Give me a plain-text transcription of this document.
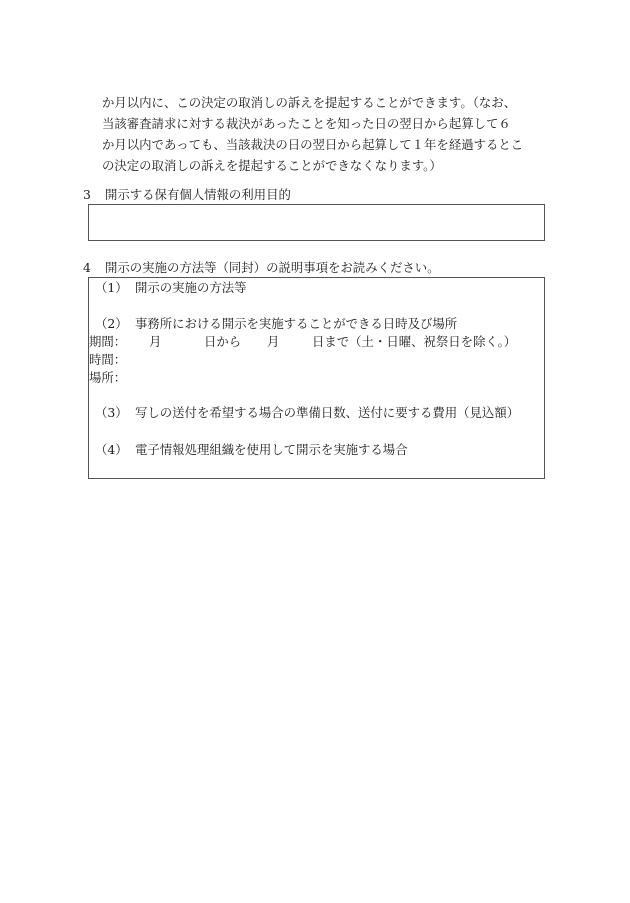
か月以内に、この決定の取消しの訴えを提起することができます。（なお、
当該審査請求に対する裁決があったことを知った日の翌日から起算して６
か月以内であっても、当該裁決の日の翌日から起算して１年を経過するとこ
の決定の取消しの訴えを提起することができなくなります。）
3 開示する保有個人情報の利用目的
4 開示の実施の方法等（同封）の説明事項をお読みください。
（1） 開示の実施の方法等
（2） 事務所における開示を実施することができる日時及び場所
期間： 月	日から 月	日まで（土・日曜、祝祭日を除く。）
時間：
場所：
（3） 写しの送付を希望する場合の準備日数、送付に要する費用（見込額）
（4） 電子情報処理組織を使用して開示を実施する場合
